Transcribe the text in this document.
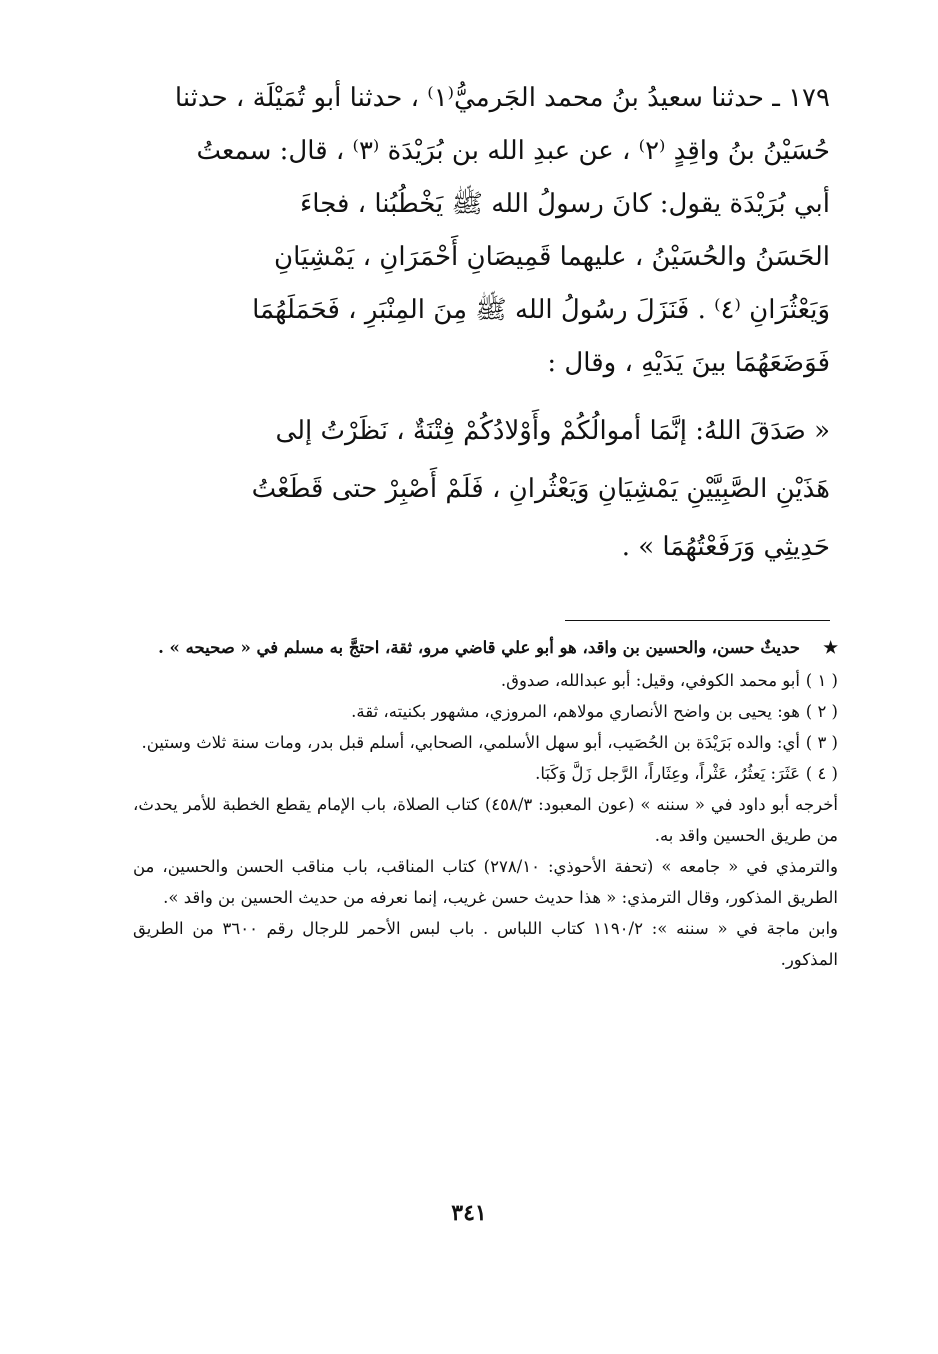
١٧٩ ـ حدثنا سعيدُ بنُ محمد الجَرميُّ⁽١⁾ ، حدثنا أبو تُمَيْلَة ، حدثنا

حُسَيْنُ بنُ واقِدٍ ⁽٢⁾ ، عن عبدِ الله بن بُرَيْدَة ⁽٣⁾ ، قال: سمعتُ

أبي بُرَيْدَة يقول: كانَ رسولُ الله ﷺ يَخْطُبُنا ، فجاءَ

الحَسَنُ والحُسَيْنُ ، عليهما قَمِيصَانِ أَحْمَرَانِ ، يَمْشِيَانِ

وَيَعْثُرَانِ ⁽٤⁾ . فَنَزَلَ رسُولُ الله ﷺ مِنَ المِنْبَرِ ، فَحَمَلَهُمَا

فَوَضَعَهُمَا بينَ يَدَيْهِ ، وقال :

« صَدَقَ اللهُ: إنَّمَا أموالُكُمْ وأَوْلادُكُمْ فِتْنَةٌ ، نَظَرْتُ إلى

هَذَيْنِ الصَّبِيَّيْنِ يَمْشِيَانِ وَيَعْثُرانِ ، فَلَمْ أَصْبِرْ حتى قَطَعْتُ

حَدِيثِي وَرَفَعْتُهُمَا » .

★
حديثٌ حسن، والحسين بن واقد، هو أبو علي قاضي مرو، ثقة، احتجَّ به مسلم في « صحيحه » .
( ١ )
أبو محمد الكوفي، وقيل: أبو عبدالله، صدوق.
( ٢ )
هو: يحيى بن واضح الأنصاري مولاهم، المروزي، مشهور بكنيته، ثقة.
( ٣ )
أي: والده بَرَيْدَة بن الحُصَيب، أبو سهل الأسلمي، الصحابي، أسلم قبل بدر، ومات سنة ثلاث وستين.
( ٤ )
عَثَرَ: يَعثُرُ، عَثْراً، وعِثَاراً، الرَّجل زَلَّ وَكَبَا.

أخرجه أبو داود في « سننه » (عون المعبود: ٤٥٨/٣) كتاب الصلاة، باب الإمام يقطع الخطبة للأمر يحدث، من طريق الحسين واقد به.

والترمذي في « جامعه » (تحفة الأحوذي: ٢٧٨/١٠) كتاب المناقب، باب مناقب الحسن والحسين، من الطريق المذكور، وقال الترمذي: « هذا حديث حسن غريب، إنما نعرفه من حديث الحسين بن واقد ».

وابن ماجة في « سننه »: ١١٩٠/٢ كتاب اللباس . باب لبس الأحمر للرجال رقم ٣٦٠٠ من الطريق المذكور.

٣٤١
